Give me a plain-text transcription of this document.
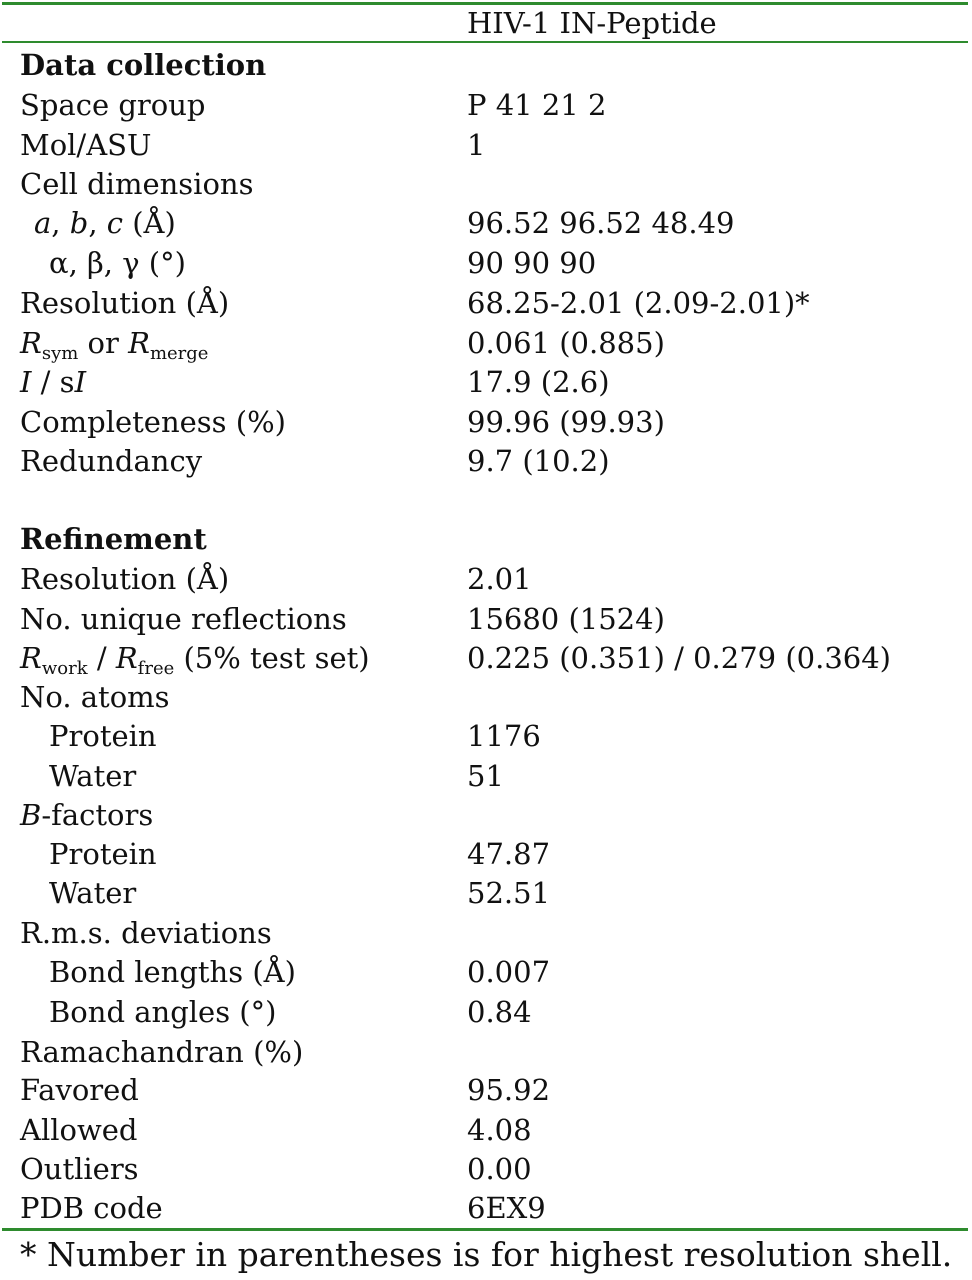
HIV-1 IN-Peptide
Data collection
Space group	P 41 21 2
Mol/ASU	1
Cell dimensions
a, b, c (Å)	96.52 96.52 48.49
α, β, γ (°)	90 90 90
Resolution (Å)	68.25-2.01 (2.09-2.01)*
$R_{sym}$ or $R_{merge}$	0.061 (0.885)
I / sI	17.9 (2.6)
Completeness (%)	99.96 (99.93)
Redundancy	9.7 (10.2)
Refinement
Resolution (Å)	2.01
No. unique reflections	15680 (1524)
$R_{work} / R_{free}$ (5% test set)	0.225 (0.351) / 0.279 (0.364)
No. atoms
Protein	1176
Water	51
B-factors
Protein	47.87
Water	52.51
R.m.s. deviations
Bond lengths (Å)	0.007
Bond angles (°)	0.84
Ramachandran (%)
Favored	95.92
Allowed	4.08
Outliers	0.00
PDB code	6EX9
* Number in parentheses is for highest resolution shell.
